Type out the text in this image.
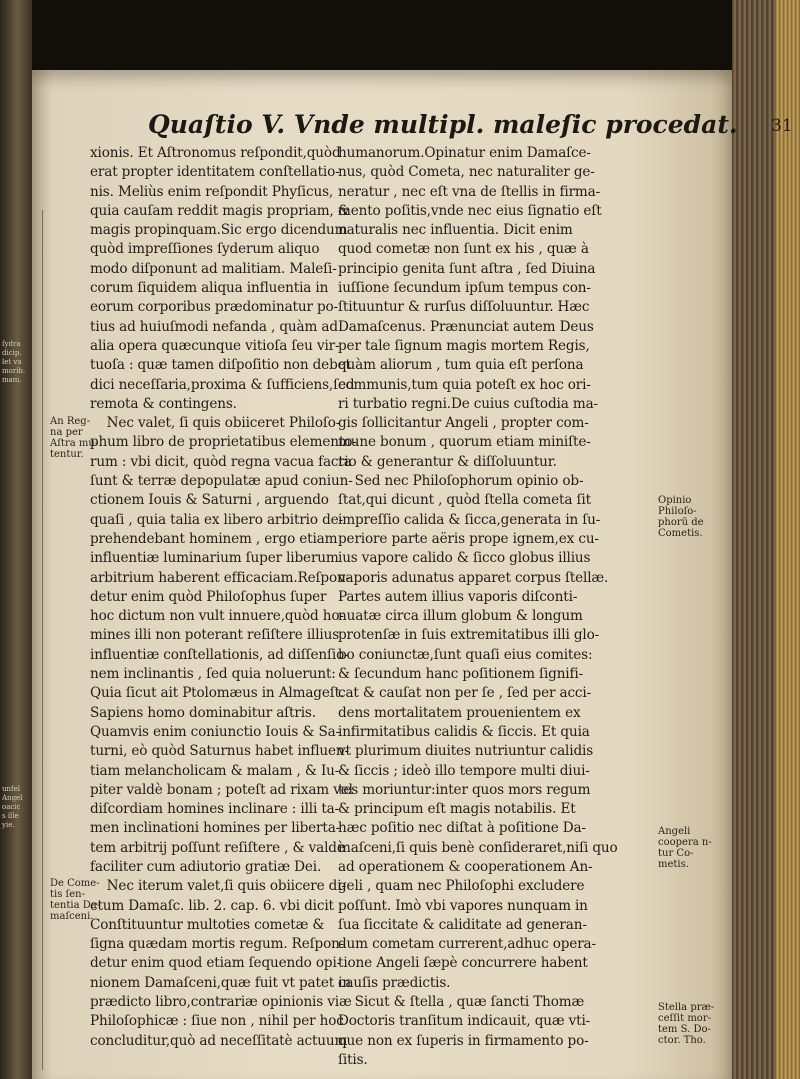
ſydra
dicip.
let va
morib.
mam.
unfel
Angel
oacic
s ille
yie.
Quaſtio V. Vnde multipl. maleſic procedat. 31
xionis. Et Aſtronomus reſpondit,quòd
erat propter identitatem conſtellatio-
nis. Meliùs enim reſpondit Phyſicus,
quia cauſam reddit magis propriam, &
magis propinquam.Sic ergo dicendum
quòd impreſſiones ſyderum aliquo
modo diſponunt ad malitiam. Maleſi-
corum ſiquidem aliqua influentia in
eorum corporibus prædominatur po-
tius ad huiuſmodi nefanda , quàm ad
alia opera quæcunque vitioſa ſeu vir-
tuoſa : quæ tamen diſpoſitio non debet
dici neceſſaria,proxima & ſufficiens,ſed
remota & contingens.
Nec valet, ſi quis obiiceret Philoſo-
phum libro de proprietatibus elemento-
rum : vbi dicit, quòd regna vacua facta
ſunt & terræ depopulatæ apud coniun-
ctionem Iouis & Saturni , arguendo
quaſi , quia talia ex libero arbitrio de-
prehendebant hominem , ergo etiam
influentiæ luminarium ſuper liberum
arbitrium haberent efficaciam.Reſpon-
detur enim quòd Philoſophus ſuper
hoc dictum non vult innuere,quòd ho-
mines illi non poterant reſiſtere illius
influentiæ conſtellationis, ad diſſenſio-
nem inclinantis , ſed quia noluerunt:
Quia ſicut ait Ptolomæus in Almageſt.
Sapiens homo dominabitur aſtris.
Quamvis enim coniunctio Iouis & Sa-
turni, eò quòd Saturnus habet influen-
tiam melancholicam & malam , & Iu-
piter valdè bonam ; poteſt ad rixam vel
diſcordiam homines inclinare : illi ta-
men inclinationi homines per liberta-
tem arbitrij poſſunt reſiſtere , & valdè
faciliter cum adiutorio gratiæ Dei.
Nec iterum valet,ſi quis obiicere di-
ctum Damaſc. lib. 2. cap. 6. vbi dicit :
Conſtituuntur multoties cometæ &
ſigna quædam mortis regum. Reſpon-
detur enim quod etiam ſequendo opi-
nionem Damaſceni,quæ fuit vt patet in
prædicto libro,contrariæ opinionis viæ
Philoſophicæ : ſiue non , nihil per hoc
concluditur,quò ad neceſſitatè actuum
humanorum.Opinatur enim Damaſce-
nus, quòd Cometa, nec naturaliter ge-
neratur , nec eſt vna de ſtellis in firma-
mento poſitis,vnde nec eius ſignatio eſt
naturalis nec influentia. Dicit enim
quod cometæ non ſunt ex his , quæ à
principio genita ſunt aſtra , ſed Diuina
iuſſione ſecundum ipſum tempus con-
ſtituuntur & rurſus diſſoluuntur. Hæc
Damaſcenus. Prænunciat autem Deus
per tale ſignum magis mortem Regis,
quàm aliorum , tum quia eſt perſona
communis,tum quia poteſt ex hoc ori-
ri turbatio regni.De cuius cuſtodia ma-
gis ſollicitantur Angeli , propter com-
mune bonum , quorum etiam miniſte-
rio & generantur & diſſoluuntur.
Sed nec Philoſophorum opinio ob-
ſtat,qui dicunt , quòd ſtella cometa ſit
impreſſio calida & ſicca,generata in ſu-
periore parte aëris prope ignem,ex cu-
ius vapore calido & ſicco globus illius
vaporis adunatus apparet corpus ſtellæ.
Partes autem illius vaporis diſconti-
nuatæ circa illum globum & longum
protenſæ in ſuis extremitatibus illi glo-
bo coniunctæ,ſunt quaſi eius comites:
& ſecundum hanc poſitionem ſignifi-
cat & cauſat non per ſe , ſed per acci-
dens mortalitatem prouenientem ex
infirmitatibus calidis & ſiccis. Et quia
vt plurimum diuites nutriuntur calidis
& ſiccis ; ideò illo tempore multi diui-
tes moriuntur:inter quos mors regum
& principum eſt magis notabilis. Et
hæc poſitio nec diſtat à poſitione Da-
maſceni,ſi quis benè conſideraret,niſi quo
ad operationem & cooperationem An-
geli , quam nec Philoſophi excludere
poſſunt. Imò vbi vapores nunquam in
ſua ſiccitate & caliditate ad generan-
dum cometam currerent,adhuc opera-
tione Angeli ſæpè concurrere habent
cauſis prædictis.
Sicut & ſtella , quæ ſancti Thomæ
Doctoris tranſitum indicauit, quæ vti-
que non ex ſuperis in firmamento po-
ſitis.
An Reg-
na per
Aſtra mu-
tentur.
De Come-
tis ſen-
tentia Da-
maſceni.
Opinio
Philoſo-
phorū de
Cometis.
Angeli
coopera n-
tur Co-
metis.
Stella præ-
ceſſit mor-
tem S. Do-
ctor. Tho.
